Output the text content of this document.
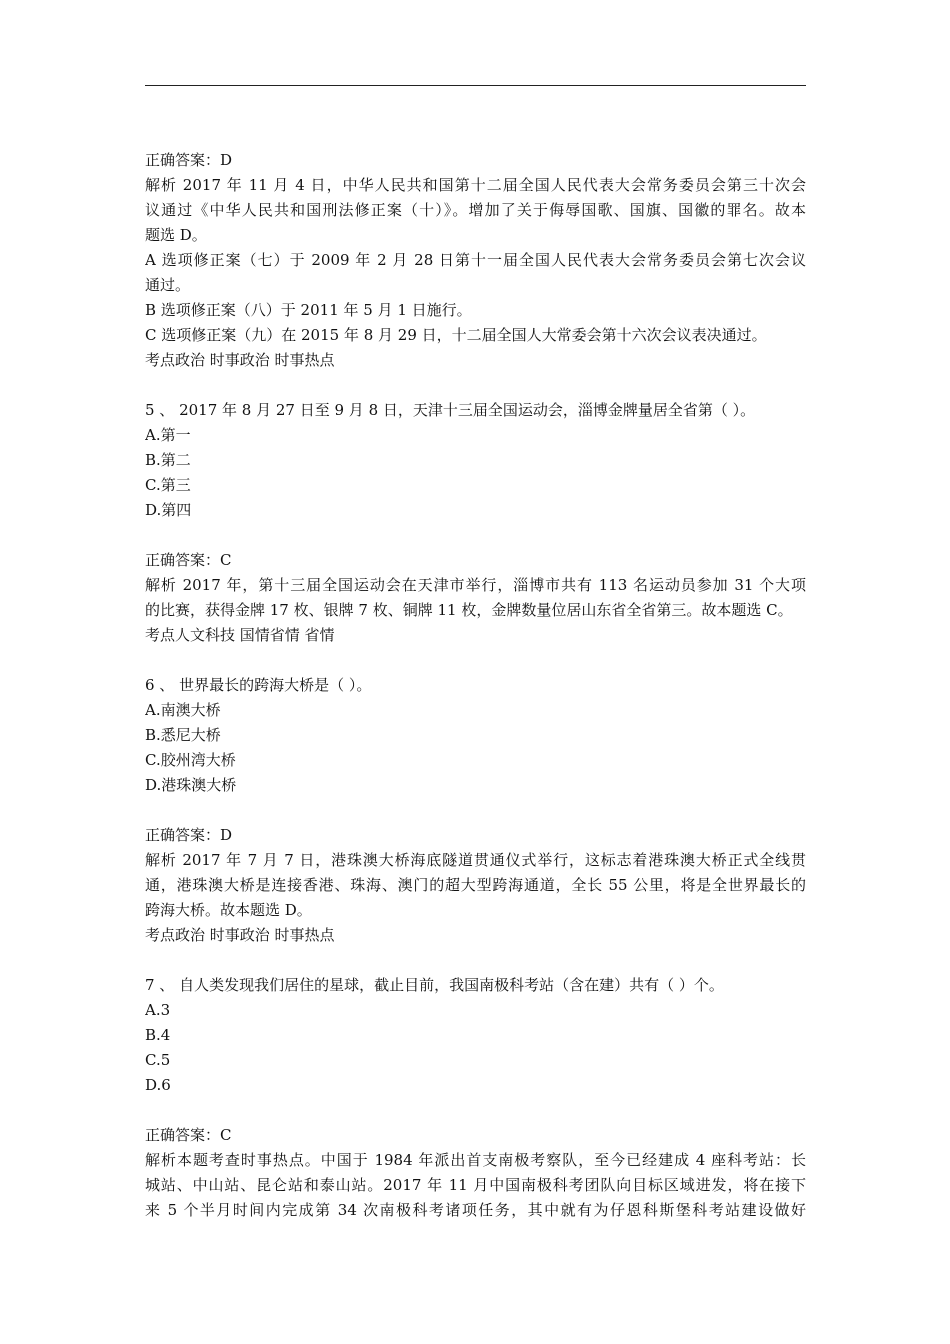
正确答案：D
解析 2017 年 11 月 4 日，中华人民共和国第十二届全国人民代表大会常务委员会第三十次会
议通过《中华人民共和国刑法修正案（十）》。增加了关于侮辱国歌、国旗、国徽的罪名。故本
题选 D。
A 选项修正案（七）于 2009 年 2 月 28 日第十一届全国人民代表大会常务委员会第七次会议
通过。
B 选项修正案（八）于 2011 年 5 月 1 日施行。
C 选项修正案（九）在 2015 年 8 月 29 日，十二届全国人大常委会第十六次会议表决通过。
考点政治 时事政治 时事热点
5 、 2017 年 8 月 27 日至 9 月 8 日，天津十三届全国运动会，淄博金牌量居全省第（ ）。
A.第一
B.第二
C.第三
D.第四
正确答案：C
解析 2017 年，第十三届全国运动会在天津市举行，淄博市共有 113 名运动员参加 31 个大项
的比赛，获得金牌 17 枚、银牌 7 枚、铜牌 11 枚，金牌数量位居山东省全省第三。故本题选 C。
考点人文科技 国情省情 省情
6 、 世界最长的跨海大桥是（ ）。
A.南澳大桥
B.悉尼大桥
C.胶州湾大桥
D.港珠澳大桥
正确答案：D
解析 2017 年 7 月 7 日，港珠澳大桥海底隧道贯通仪式举行，这标志着港珠澳大桥正式全线贯
通，港珠澳大桥是连接香港、珠海、澳门的超大型跨海通道，全长 55 公里，将是全世界最长的
跨海大桥。故本题选 D。
考点政治 时事政治 时事热点
7 、 自人类发现我们居住的星球，截止目前，我国南极科考站（含在建）共有（ ）个。
A.3
B.4
C.5
D.6
正确答案：C
解析本题考查时事热点。中国于 1984 年派出首支南极考察队，至今已经建成 4 座科考站：长
城站、中山站、昆仑站和泰山站。2017 年 11 月中国南极科考团队向目标区域进发，将在接下
来 5 个半月时间内完成第 34 次南极科考诸项任务，其中就有为仔恩科斯堡科考站建设做好
